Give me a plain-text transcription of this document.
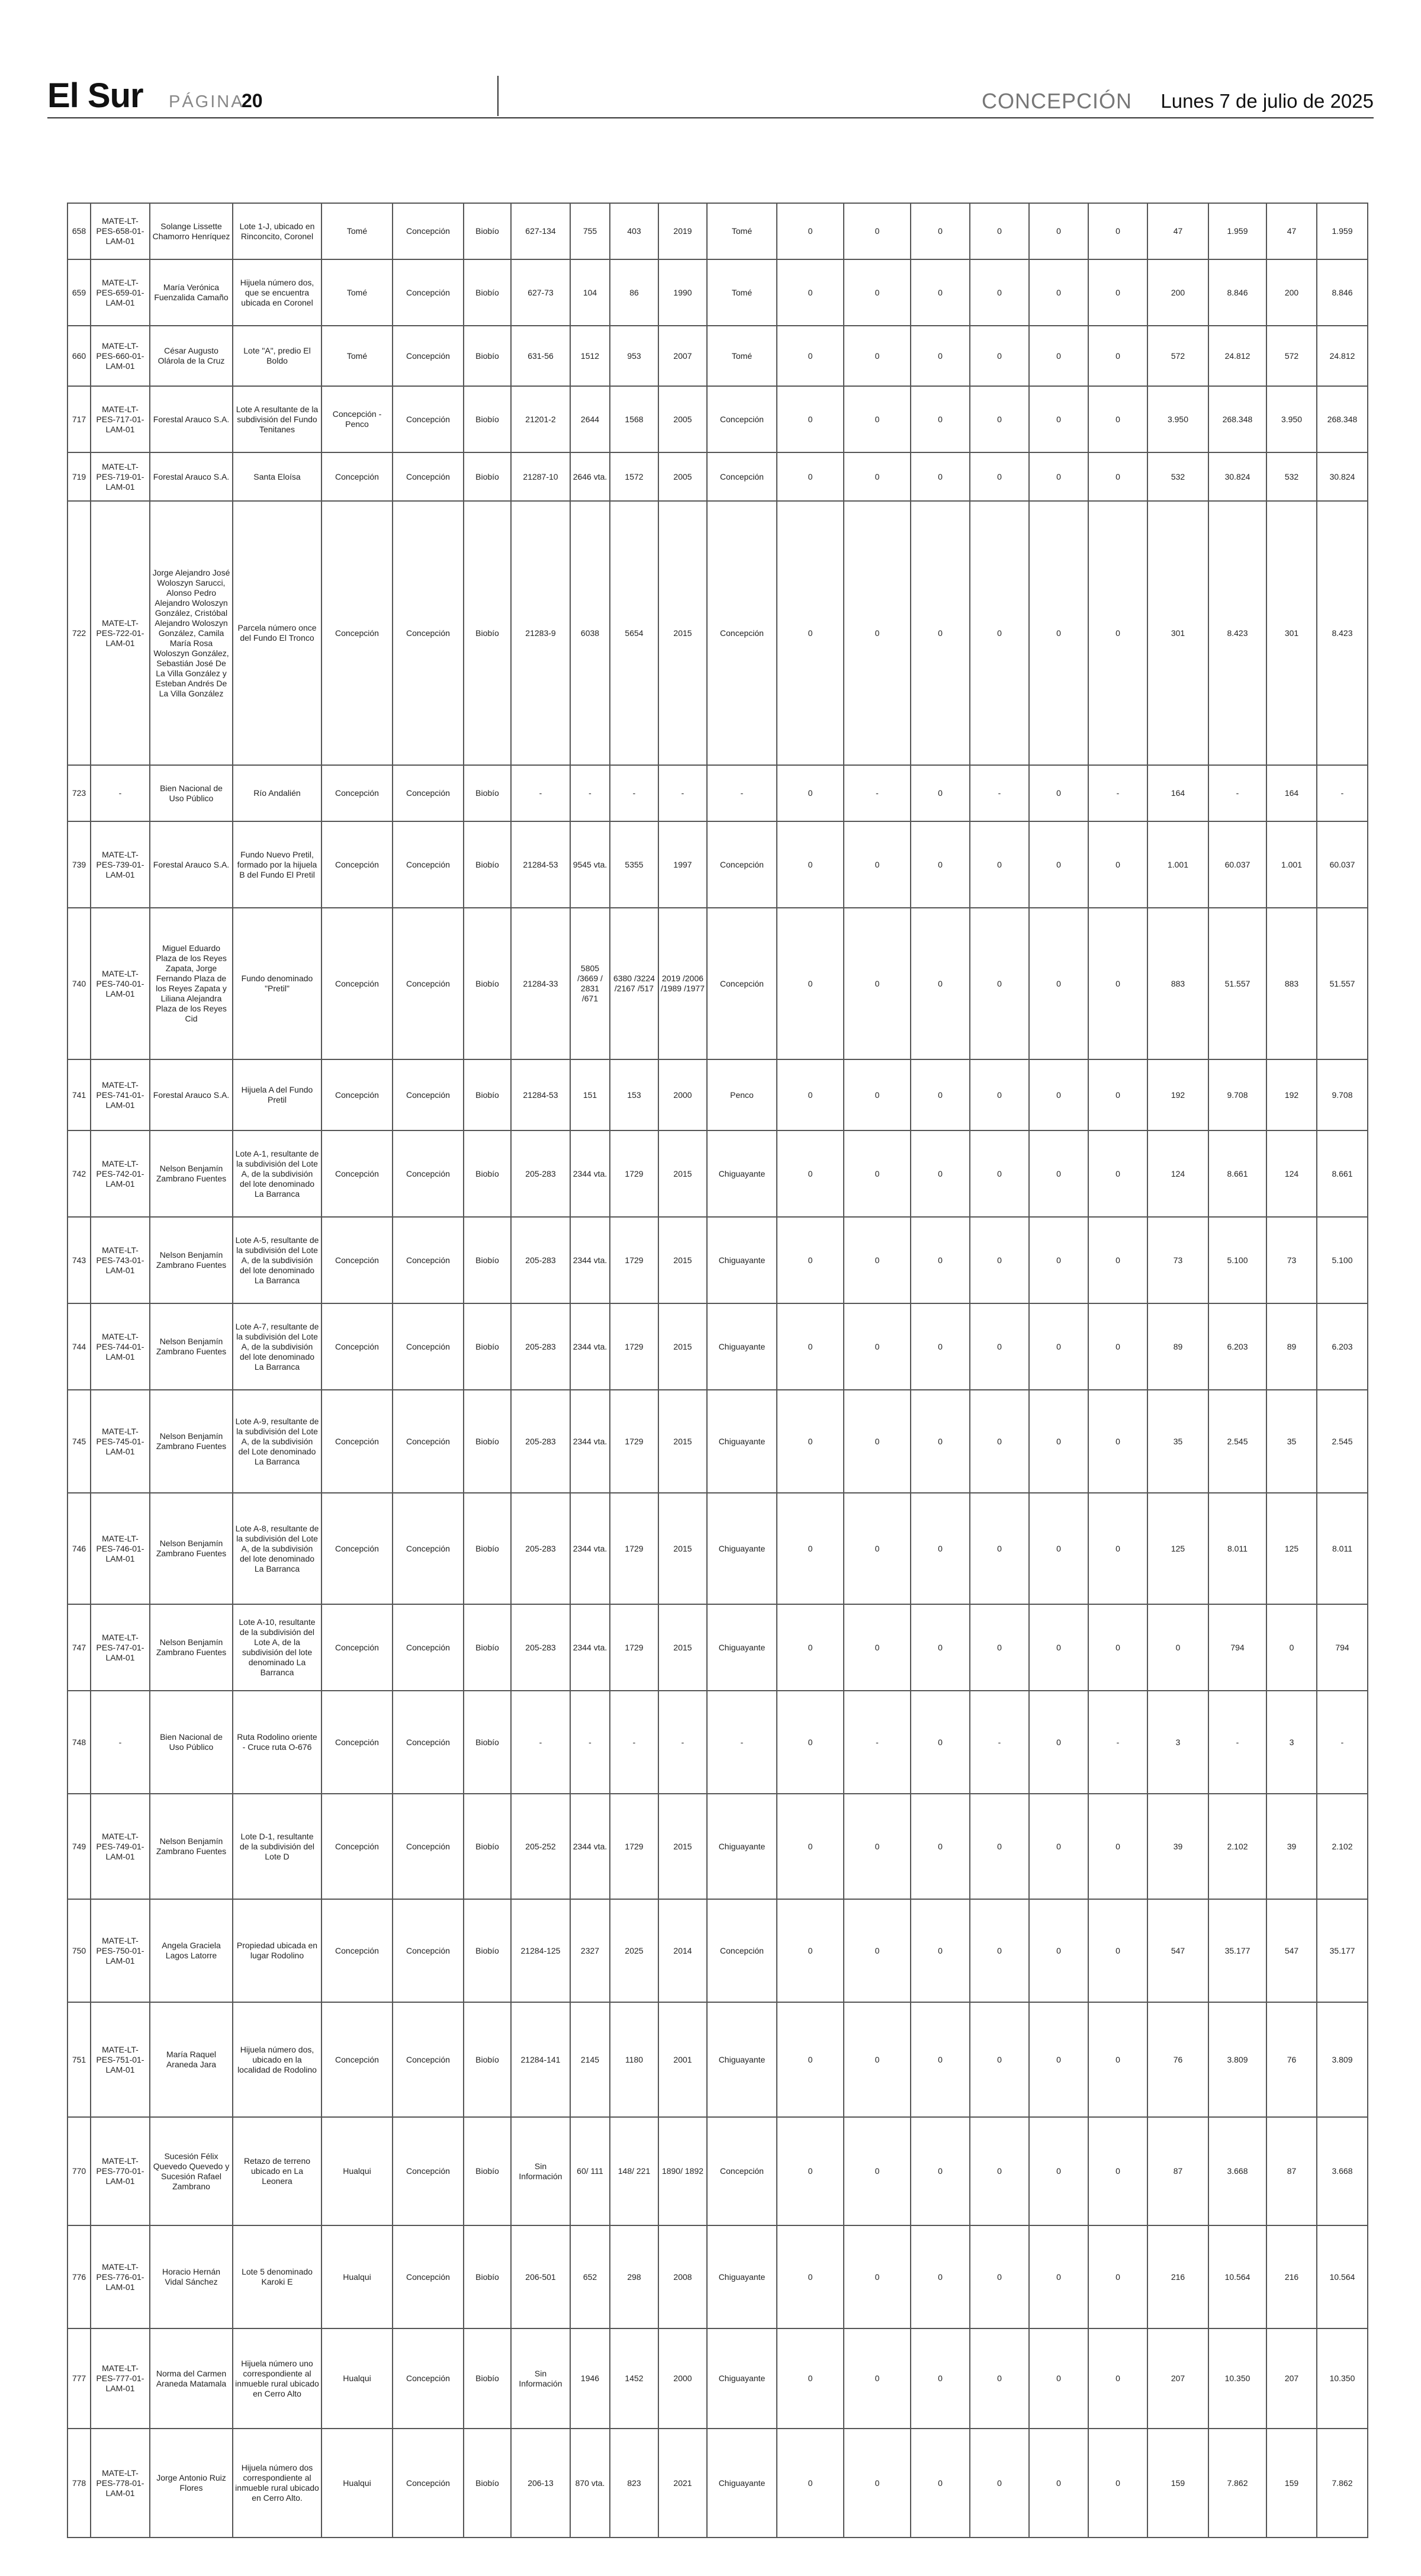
El Sur PÁGINA
20	CONCEPCIÓN Lunes 7 de julio de 2025
658	MATE-LT-PES-658-01-LAM-01	Solange Lissette Chamorro Henríquez	Lote 1-J, ubicado en Rinconcito, Coronel	Tomé	Concepción	Biobío	627-134	755	403	2019	Tomé	0	0	0	0	0	0	47	1.959	47	1.959
659	MATE-LT-PES-659-01-LAM-01	María Verónica Fuenzalida Camaño	Hijuela número dos, que se encuentra ubicada en Coronel	Tomé	Concepción	Biobío	627-73	104	86	1990	Tomé	0	0	0	0	0	0	200	8.846	200	8.846
660	MATE-LT-PES-660-01-LAM-01	César Augusto Olárola de la Cruz	Lote "A", predio El Boldo	Tomé	Concepción	Biobío	631-56	1512	953	2007	Tomé	0	0	0	0	0	0	572	24.812	572	24.812
717	MATE-LT-PES-717-01-LAM-01	Forestal Arauco S.A.	Lote A resultante de la subdivisión del Fundo Tenitanes	Concepción - Penco	Concepción	Biobío	21201-2	2644	1568	2005	Concepción	0	0	0	0	0	0	3.950	268.348	3.950	268.348
719	MATE-LT-PES-719-01-LAM-01	Forestal Arauco S.A.	Santa Eloísa	Concepción	Concepción	Biobío	21287-10	2646 vta.	1572	2005	Concepción	0	0	0	0	0	0	532	30.824	532	30.824
722	MATE-LT-PES-722-01-LAM-01	Jorge Alejandro José Woloszyn Sarucci, Alonso Pedro Alejandro Woloszyn González, Cristóbal Alejandro Woloszyn González, Camila María Rosa Woloszyn González, Sebastián José De La Villa González y Esteban Andrés De La Villa González	Parcela número once del Fundo El Tronco	Concepción	Concepción	Biobío	21283-9	6038	5654	2015	Concepción	0	0	0	0	0	0	301	8.423	301	8.423
723	-	Bien Nacional de Uso Público	Río Andalién	Concepción	Concepción	Biobío	-	-	-	-	-	0	-	0	-	0	-	164	-	164	-
739	MATE-LT-PES-739-01-LAM-01	Forestal Arauco S.A.	Fundo Nuevo Pretil, formado por la hijuela B del Fundo El Pretil	Concepción	Concepción	Biobío	21284-53	9545 vta.	5355	1997	Concepción	0	0	0	0	0	0	1.001	60.037	1.001	60.037
740	MATE-LT-PES-740-01-LAM-01	Miguel Eduardo Plaza de los Reyes Zapata, Jorge Fernando Plaza de los Reyes Zapata y Liliana Alejandra Plaza de los Reyes Cid	Fundo denominado "Pretil"	Concepción	Concepción	Biobío	21284-33	5805 /3669 / 2831 /671	6380 /3224 /2167 /517	2019 /2006 /1989 /1977	Concepción	0	0	0	0	0	0	883	51.557	883	51.557
741	MATE-LT-PES-741-01-LAM-01	Forestal Arauco S.A.	Hijuela A del Fundo Pretil	Concepción	Concepción	Biobío	21284-53	151	153	2000	Penco	0	0	0	0	0	0	192	9.708	192	9.708
742	MATE-LT-PES-742-01-LAM-01	Nelson Benjamín Zambrano Fuentes	Lote A-1, resultante de la subdivisión del Lote A, de la subdivisión del lote denominado La Barranca	Concepción	Concepción	Biobío	205-283	2344 vta.	1729	2015	Chiguayante	0	0	0	0	0	0	124	8.661	124	8.661
743	MATE-LT-PES-743-01-LAM-01	Nelson Benjamín Zambrano Fuentes	Lote A-5, resultante de la subdivisión del Lote A, de la subdivisión del lote denominado La Barranca	Concepción	Concepción	Biobío	205-283	2344 vta.	1729	2015	Chiguayante	0	0	0	0	0	0	73	5.100	73	5.100
744	MATE-LT-PES-744-01-LAM-01	Nelson Benjamín Zambrano Fuentes	Lote A-7, resultante de la subdivisión del Lote A, de la subdivisión del lote denominado La Barranca	Concepción	Concepción	Biobío	205-283	2344 vta.	1729	2015	Chiguayante	0	0	0	0	0	0	89	6.203	89	6.203
745	MATE-LT-PES-745-01-LAM-01	Nelson Benjamín Zambrano Fuentes	Lote A-9, resultante de la subdivisión del Lote A, de la subdivisión del Lote denominado La Barranca	Concepción	Concepción	Biobío	205-283	2344 vta.	1729	2015	Chiguayante	0	0	0	0	0	0	35	2.545	35	2.545
746	MATE-LT-PES-746-01-LAM-01	Nelson Benjamín Zambrano Fuentes	Lote A-8, resultante de la subdivisión del Lote A, de la subdivisión del lote denominado La Barranca	Concepción	Concepción	Biobío	205-283	2344 vta.	1729	2015	Chiguayante	0	0	0	0	0	0	125	8.011	125	8.011
747	MATE-LT-PES-747-01-LAM-01	Nelson Benjamín Zambrano Fuentes	Lote A-10, resultante de la subdivisión del Lote A, de la subdivisión del lote denominado La Barranca	Concepción	Concepción	Biobío	205-283	2344 vta.	1729	2015	Chiguayante	0	0	0	0	0	0	0	794	0	794
748	-	Bien Nacional de Uso Público	Ruta Rodolino oriente - Cruce ruta O-676	Concepción	Concepción	Biobío	-	-	-	-	-	0	-	0	-	0	-	3	-	3	-
749	MATE-LT-PES-749-01-LAM-01	Nelson Benjamín Zambrano Fuentes	Lote D-1, resultante de la subdivisión del Lote D	Concepción	Concepción	Biobío	205-252	2344 vta.	1729	2015	Chiguayante	0	0	0	0	0	0	39	2.102	39	2.102
750	MATE-LT-PES-750-01-LAM-01	Angela Graciela Lagos Latorre	Propiedad ubicada en lugar Rodolino	Concepción	Concepción	Biobío	21284-125	2327	2025	2014	Concepción	0	0	0	0	0	0	547	35.177	547	35.177
751	MATE-LT-PES-751-01-LAM-01	María Raquel Araneda Jara	Hijuela número dos, ubicado en la localidad de Rodolino	Concepción	Concepción	Biobío	21284-141	2145	1180	2001	Chiguayante	0	0	0	0	0	0	76	3.809	76	3.809
770	MATE-LT-PES-770-01-LAM-01	Sucesión Félix Quevedo Quevedo y Sucesión Rafael Zambrano	Retazo de terreno ubicado en La Leonera	Hualqui	Concepción	Biobío	Sin Información	60/ 111	148/ 221	1890/ 1892	Concepción	0	0	0	0	0	0	87	3.668	87	3.668
776	MATE-LT-PES-776-01-LAM-01	Horacio Hernán Vidal Sánchez	Lote 5 denominado Karoki E	Hualqui	Concepción	Biobío	206-501	652	298	2008	Chiguayante	0	0	0	0	0	0	216	10.564	216	10.564
777	MATE-LT-PES-777-01-LAM-01	Norma del Carmen Araneda Matamala	Hijuela número uno correspondiente al inmueble rural ubicado en Cerro Alto	Hualqui	Concepción	Biobío	Sin Información	1946	1452	2000	Chiguayante	0	0	0	0	0	0	207	10.350	207	10.350
778	MATE-LT-PES-778-01-LAM-01	Jorge Antonio Ruiz Flores	Hijuela número dos correspondiente al inmueble rural ubicado en Cerro Alto.	Hualqui	Concepción	Biobío	206-13	870 vta.	823	2021	Chiguayante	0	0	0	0	0	0	159	7.862	159	7.862
